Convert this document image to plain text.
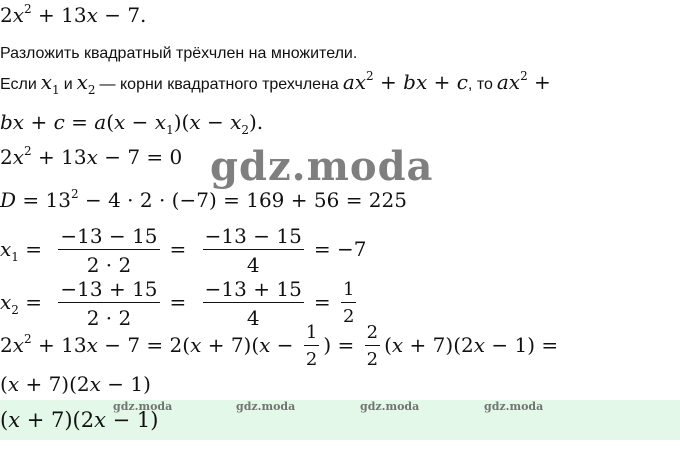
$2x^2 + 13x - 7$.
Разложить квадратный трёхчлен на множители.
Если $x_1$ и $x_2$ — корни квадратного трехчлена $ax^2$ + bx + c, то $ax^2$ +
bx + $c = a(x - x_1)(x - x_2)$.
$2x^2 + 13x - 7 = 0$ gdz.moda
$D = 13^2 - 4 \cdot 2 \cdot (-7) = 169 + 56 = 225$
$x_1 = \frac{-13 - 15}{2 \cdot 2} = \frac{-13 - 15}{4} = -7$
$x_2 = \frac{-13 + 15}{2 \cdot 2} = \frac{-13 + 15}{4} = \frac{1}{2}$
$2x^2 + 13x - 7 = 2(x + 7)(x - \frac{1}{2}$ ) = $\frac{2}{2} (x + 7)(2x - 1)$ =
(x + 7)(2x − 1)
gdz.moda	gdz.moda	gdz.moda	gdz.moda
(x + 7)(2x − 1)
